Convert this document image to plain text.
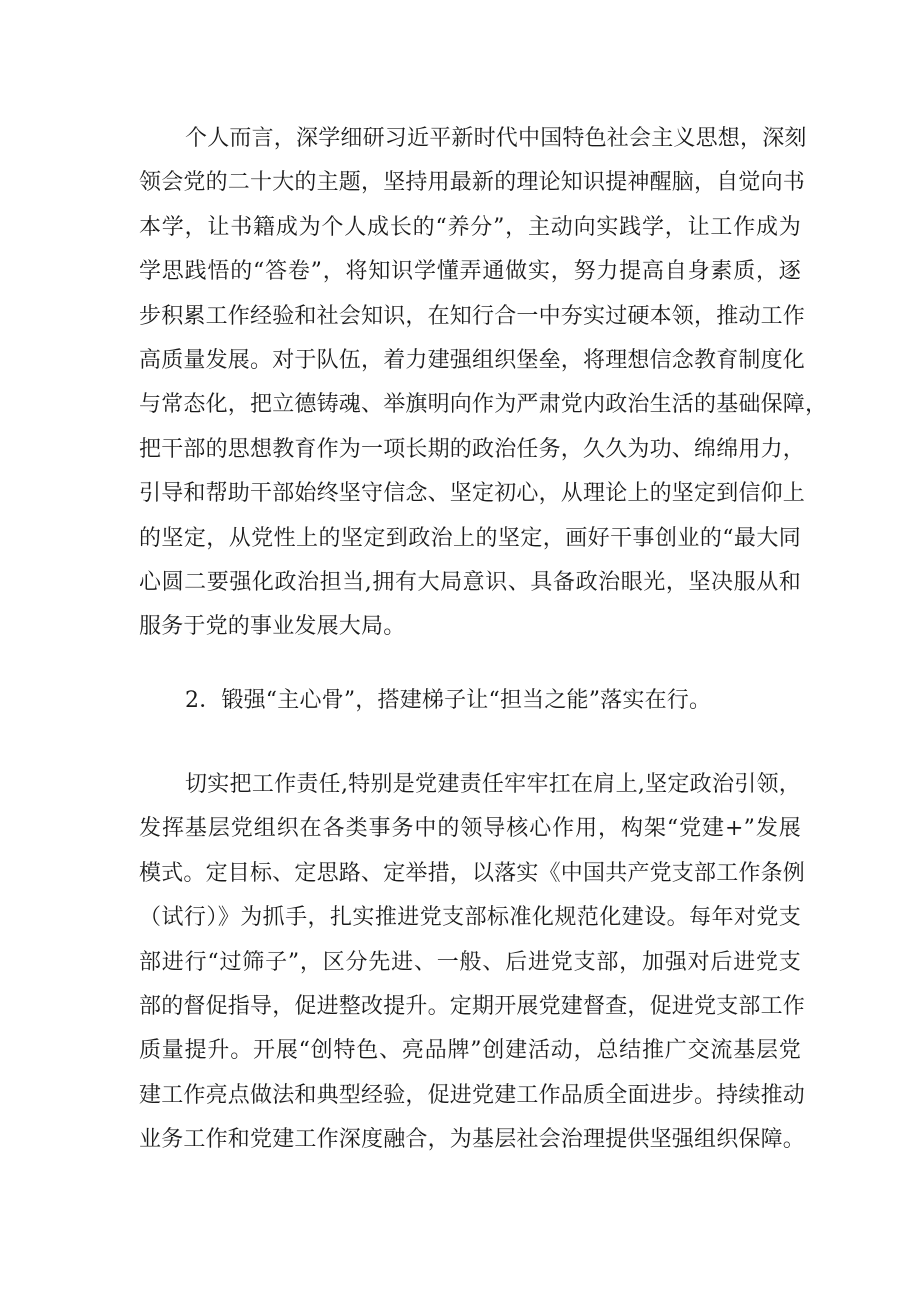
个人而言，深学细研习近平新时代中国特色社会主义思想，深刻
领会党的二十大的主题，坚持用最新的理论知识提神醒脑，自觉向书
本学，让书籍成为个人成长的“养分”，主动向实践学，让工作成为
学思践悟的“答卷”，将知识学懂弄通做实，努力提高自身素质，逐
步积累工作经验和社会知识，在知行合一中夯实过硬本领，推动工作
高质量发展。对于队伍，着力建强组织堡垒，将理想信念教育制度化
与常态化，把立德铸魂、举旗明向作为严肃党内政治生活的基础保障，
把干部的思想教育作为一项长期的政治任务，久久为功、绵绵用力，
引导和帮助干部始终坚守信念、坚定初心，从理论上的坚定到信仰上
的坚定，从党性上的坚定到政治上的坚定，画好干事创业的“最大同
心圆二要强化政治担当,拥有大局意识、具备政治眼光，坚决服从和
服务于党的事业发展大局。
2．锻强“主心骨”，搭建梯子让“担当之能”落实在行。
切实把工作责任,特别是党建责任牢牢扛在肩上,坚定政治引领，
发挥基层党组织在各类事务中的领导核心作用，构架“党建+”发展
模式。定目标、定思路、定举措，以落实《中国共产党支部工作条例
（试行）》为抓手，扎实推进党支部标准化规范化建设。每年对党支
部进行“过筛子”，区分先进、一般、后进党支部，加强对后进党支
部的督促指导，促进整改提升。定期开展党建督查，促进党支部工作
质量提升。开展“创特色、亮品牌”创建活动，总结推广交流基层党
建工作亮点做法和典型经验，促进党建工作品质全面进步。持续推动
业务工作和党建工作深度融合，为基层社会治理提供坚强组织保障。
